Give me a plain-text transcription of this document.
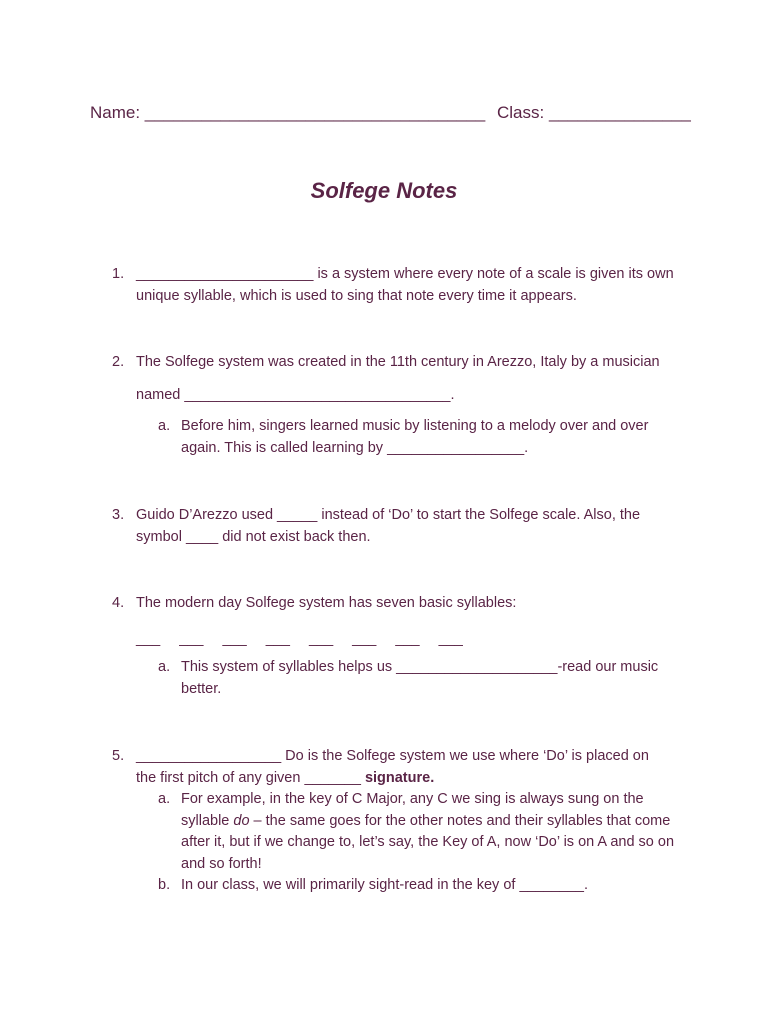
Name: ____________________________________ Class: _______________
Solfege Notes
1. ______________________ is a system where every note of a scale is given its own
unique syllable, which is used to sing that note every time it appears.
2. The Solfege system was created in the 11th century in Arezzo, Italy by a musician
named _________________________________.
a. Before him, singers learned music by listening to a melody over and over
again. This is called learning by _________________.
3. Guido D’Arezzo used _____ instead of ‘Do’ to start the Solfege scale. Also, the
symbol ____ did not exist back then.
4. The modern day Solfege system has seven basic syllables:
___ ___ ___ ___ ___ ___ ___ ___
a. This system of syllables helps us ____________________-read our music
better.
5. __________________ Do is the Solfege system we use where ‘Do’ is placed on
the first pitch of any given _______ signature.
a. For example, in the key of C Major, any C we sing is always sung on the
syllable do – the same goes for the other notes and their syllables that come
after it, but if we change to, let’s say, the Key of A, now ‘Do’ is on A and so on
and so forth!
b. In our class, we will primarily sight-read in the key of ________.
